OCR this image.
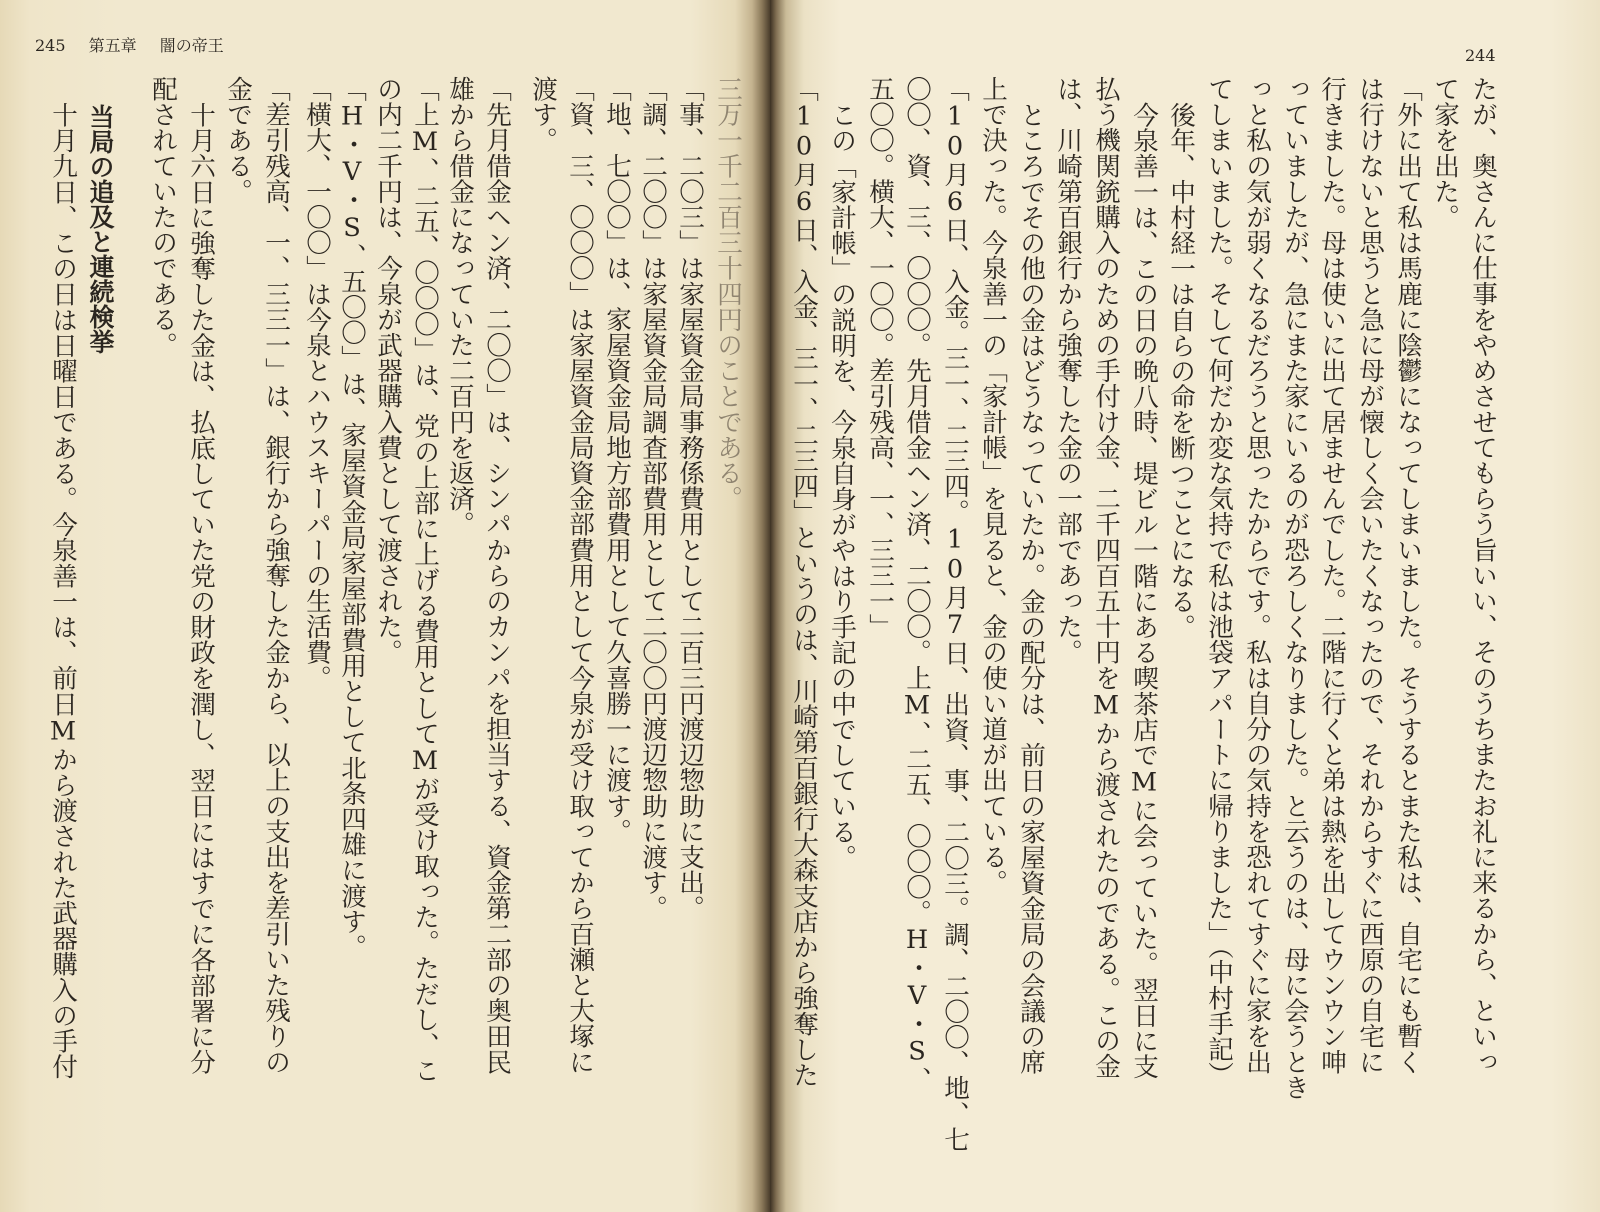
245 第五章 闇の帝王
三万一千二百三十四円のことである。
「事、二〇三」は家屋資金局事務係費用として二百三円渡辺惣助に支出。
「調、二〇〇」は家屋資金局調査部費用として二〇〇円渡辺惣助に渡す。
「地、七〇〇」は、家屋資金局地方部費用として久喜勝一に渡す。
「資、三、〇〇〇」は家屋資金局資金部費用として今泉が受け取ってから百瀬と大塚に
渡す。
「先月借金ヘン済、二〇〇」は、シンパからのカンパを担当する、資金第二部の奥田民
雄から借金になっていた二百円を返済。
「上M、二五、〇〇〇」は、党の上部に上げる費用としてMが受け取った。ただし、こ
の内二千円は、今泉が武器購入費として渡された。
「H・V・S、五〇〇」は、家屋資金局家屋部費用として北条四雄に渡す。
「横大、一〇〇」は今泉とハウスキーパーの生活費。
「差引残高、一、三三一」は、銀行から強奪した金から、以上の支出を差引いた残りの
金である。
十月六日に強奪した金は、払底していた党の財政を潤し、翌日にはすでに各部署に分
配されていたのである。
当局の追及と連続検挙
十月九日、この日は日曜日である。今泉善一は、前日Mから渡された武器購入の手付
244
たが、奥さんに仕事をやめさせてもらう旨いい、そのうちまたお礼に来るから、といっ
て家を出た。
「外に出て私は馬鹿に陰鬱になってしまいました。そうするとまた私は、自宅にも暫く
は行けないと思うと急に母が懐しく会いたくなったので、それからすぐに西原の自宅に
行きました。母は使いに出て居ませんでした。二階に行くと弟は熱を出してウンウン呻
っていましたが、急にまた家にいるのが恐ろしくなりました。と云うのは、母に会うとき
っと私の気が弱くなるだろうと思ったからです。私は自分の気持を恐れてすぐに家を出
てしまいました。そして何だか変な気持で私は池袋アパートに帰りました」（中村手記）
後年、中村経一は自らの命を断つことになる。
今泉善一は、この日の晩八時、堤ビル一階にある喫茶店でMに会っていた。翌日に支
払う機関銃購入のための手付け金、二千四百五十円をMから渡されたのである。この金
は、川崎第百銀行から強奪した金の一部であった。
ところでその他の金はどうなっていたか。金の配分は、前日の家屋資金局の会議の席
上で決った。今泉善一の「家計帳」を見ると、金の使い道が出ている。
「10月6日、入金。三一、二三四。10月7日、出資、事、二〇三。調、二〇〇、地、七
〇〇、資、三、〇〇〇。先月借金ヘン済、二〇〇。上M、二五、〇〇〇。H・V・S、
五〇〇。横大、一〇〇。差引残高、一、三三一」
この「家計帳」の説明を、今泉自身がやはり手記の中でしている。
「10月6日、入金、三一、二三四」というのは、川崎第百銀行大森支店から強奪した
